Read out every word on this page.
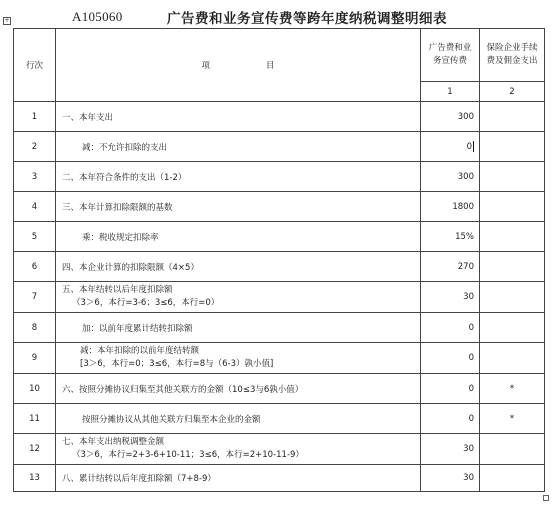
A105060	广告费和业务宣传费等跨年度纳税调整明细表
+
行次	项 目	广告费和业务宣传费	保险企业手续费及佣金支出

		1	2
1	一、本年支出	300	
2	减：不允许扣除的支出	0	
3	二、本年符合条件的支出（1-2）	300	
4	三、本年计算扣除限额的基数	1800	
5	乘：税收规定扣除率	15%	
6	四、本企业计算的扣除限额（4×5）	270	
7	五、本年结转以后年度扣除额
（3＞6，本行=3-6；3≤6，本行=0）	30	
8	加：以前年度累计结转扣除额	0	
9	减：本年扣除的以前年度结转额
[3＞6，本行=0；3≤6，本行=8与（6-3）孰小值]	0	
10	六、按照分摊协议归集至其他关联方的金额（10≤3与6孰小值）	0	*
11	按照分摊协议从其他关联方归集至本企业的金额	0	*
12	七、本年支出纳税调整金额
（3＞6，本行=2+3-6+10-11；3≤6，本行=2+10-11-9）	30	
13	八、累计结转以后年度扣除额（7+8-9）	30	
